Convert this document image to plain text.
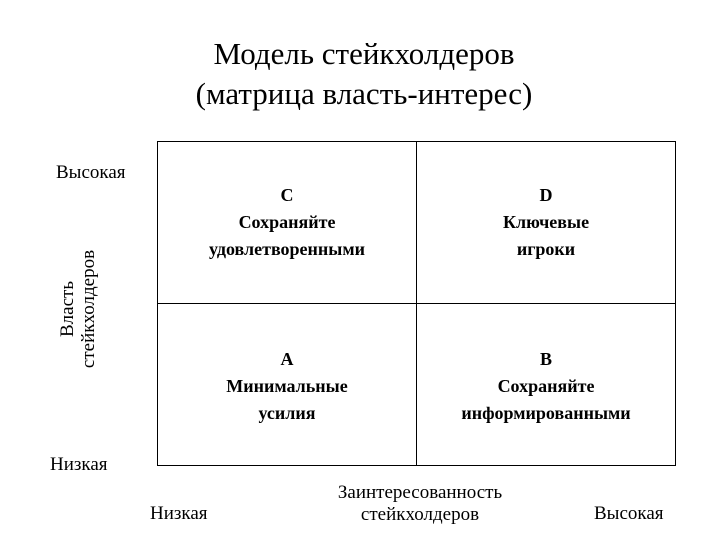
Модель стейкхолдеров
(матрица власть-интерес)
Высокая
Низкая
Власть стейкхолдеров
C
Сохраняйте
удовлетворенными
D
Ключевые
игроки
A
Минимальные
усилия
B
Сохраняйте
информированными
Заинтересованность
стейкхолдеров
Низкая	Высокая
